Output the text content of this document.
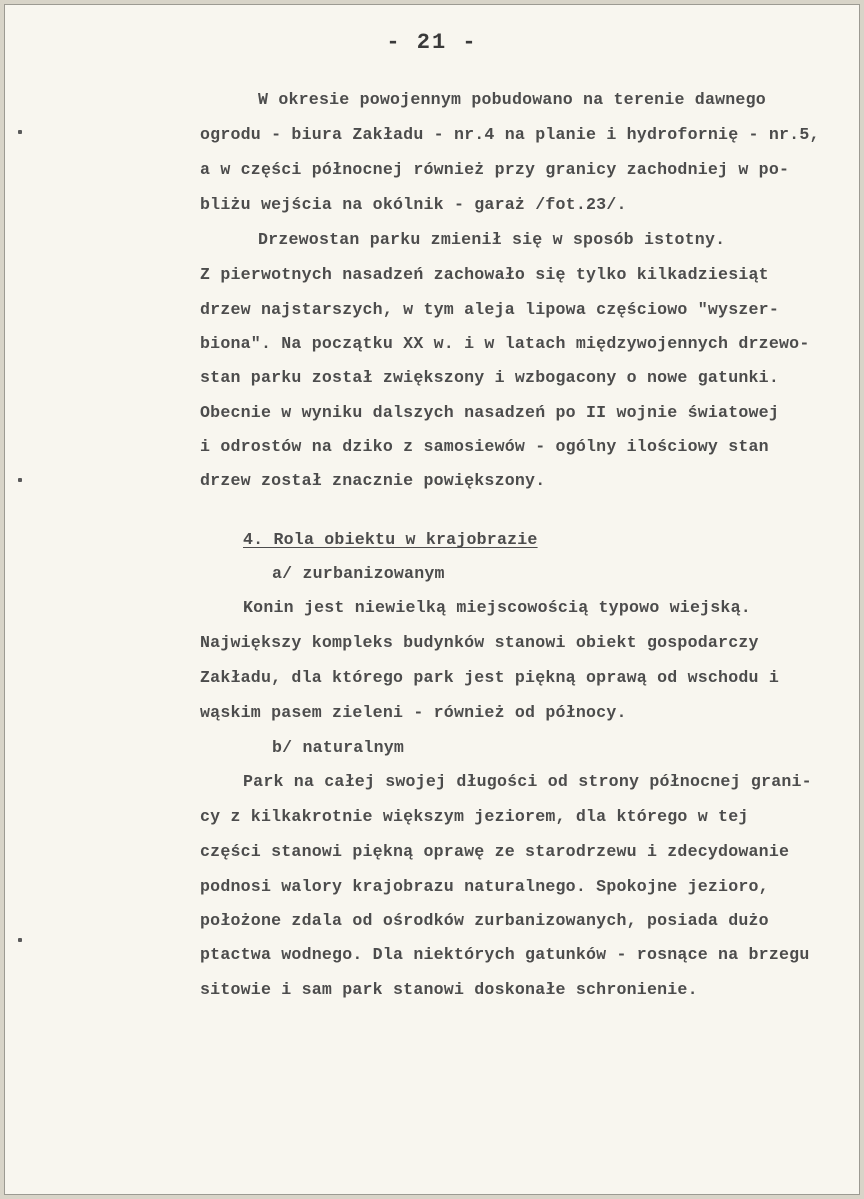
- 21 -
W okresie powojennym pobudowano na terenie dawnego
ogrodu - biura Zakładu - nr.4 na planie i hydrofornię - nr.5,
a w części północnej również przy granicy zachodniej w po-
bliżu wejścia na okólnik - garaż /fot.23/.
Drzewostan parku zmienił się w sposób istotny.
Z pierwotnych nasadzeń zachowało się tylko kilkadziesiąt
drzew najstarszych, w tym aleja lipowa częściowo "wyszer-
biona". Na początku XX w. i w latach międzywojennych drzewo-
stan parku został zwiększony i wzbogacony o nowe gatunki.
Obecnie w wyniku dalszych nasadzeń po II wojnie światowej
i odrostów na dziko z samosiewów - ogólny ilościowy stan
drzew został znacznie powiększony.
4. Rola obiektu w krajobrazie
a/ zurbanizowanym
Konin jest niewielką miejscowością typowo wiejską.
Największy kompleks budynków stanowi obiekt gospodarczy
Zakładu, dla którego park jest piękną oprawą od wschodu i
wąskim pasem zieleni - również od północy.
b/ naturalnym
Park na całej swojej długości od strony północnej grani-
cy z kilkakrotnie większym jeziorem, dla którego w tej
części stanowi piękną oprawę ze starodrzewu i zdecydowanie
podnosi walory krajobrazu naturalnego. Spokojne jezioro,
położone zdala od ośrodków zurbanizowanych, posiada dużo
ptactwa wodnego. Dla niektórych gatunków - rosnące na brzegu
sitowie i sam park stanowi doskonałe schronienie.
